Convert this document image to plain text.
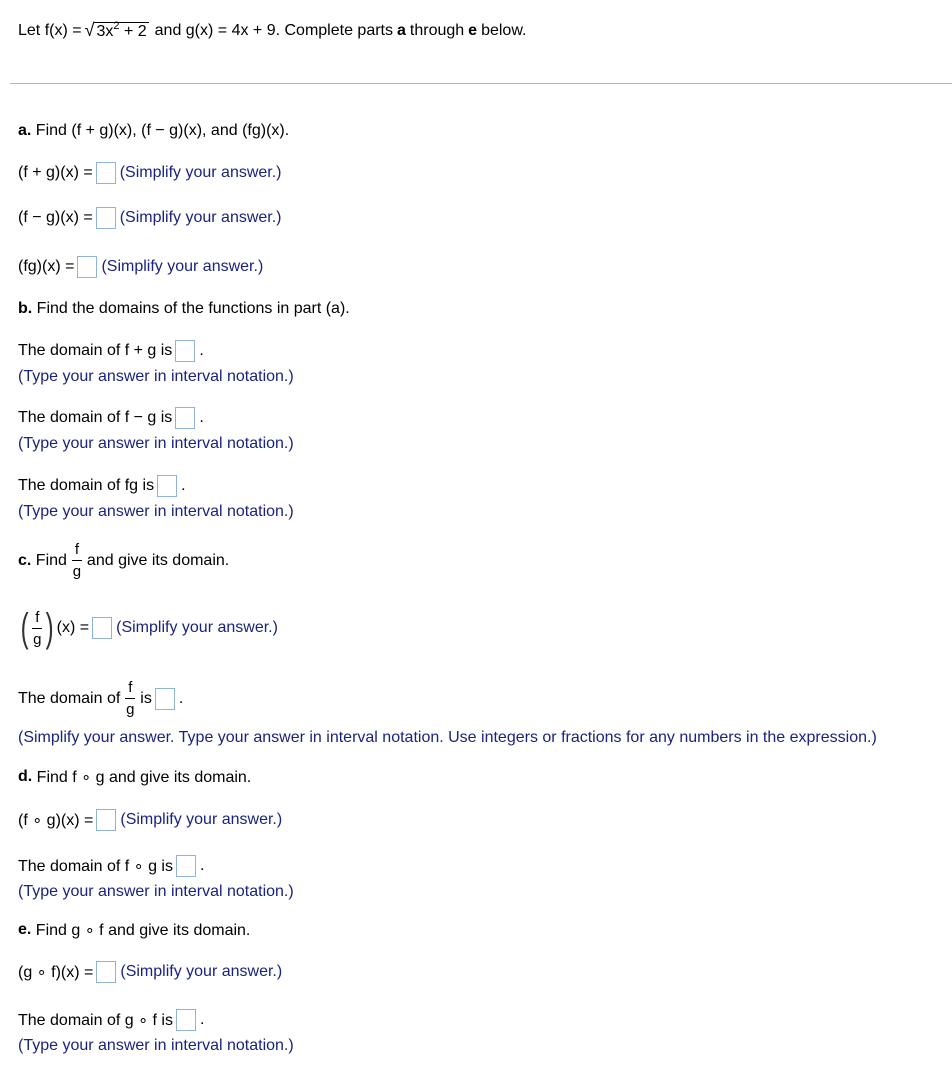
Let f(x) = √ $3x^2 + 2$ and g(x) = 4x + 9. Complete parts a through e below.
a.
Find (f + g)(x), (f − g)(x), and (fg)(x).
(f + g)(x) = (Simplify your answer.)
(f − g)(x) = (Simplify your answer.)
(fg)(x) = (Simplify your answer.)
b.
Find the domains of the functions in part (a).
The domain of f + g is .
(Type your answer in interval notation.)
The domain of f − g is .
(Type your answer in interval notation.)
The domain of fg is .
(Type your answer in interval notation.)
c.
Find $\frac{f}{g}$ and give its domain.
( $\frac{f}{g}$ ) (x) = (Simplify your answer.)
The domain of $\frac{f}{g}$ is .
(Simplify your answer. Type your answer in interval notation. Use integers or fractions for any numbers in the expression.)
d.
Find f ∘ g and give its domain.
(f ∘ g)(x) = (Simplify your answer.)
The domain of f ∘ g is .
(Type your answer in interval notation.)
e.
Find g ∘ f and give its domain.
(g ∘ f)(x) = (Simplify your answer.)
The domain of g ∘ f is .
(Type your answer in interval notation.)
